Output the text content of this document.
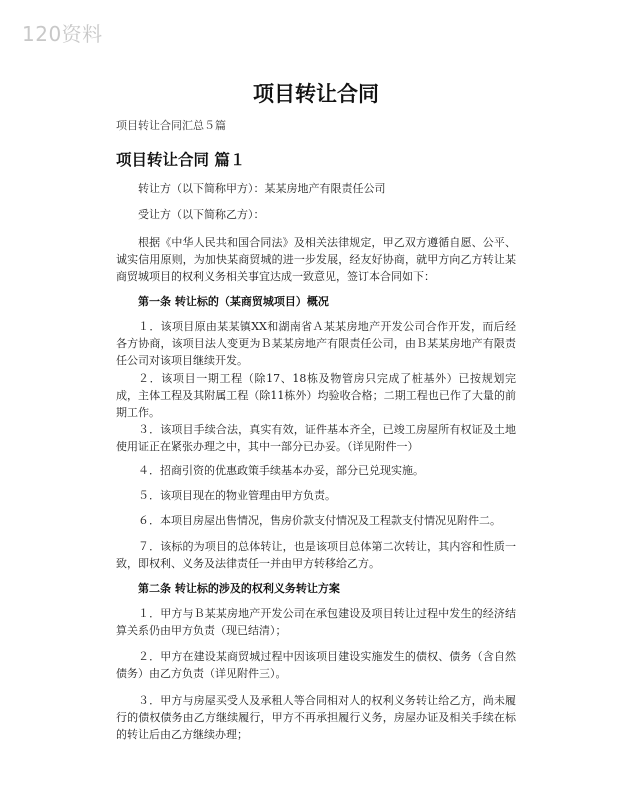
120资料
项目转让合同
项目转让合同汇总５篇
项目转让合同 篇１

转让方（以下简称甲方）：某某房地产有限责任公司

受让方（以下简称乙方）：

根据《中华人民共和国合同法》及相关法律规定，甲乙双方遵循自愿、公平、诚实信用原则，为加快某商贸城的进一步发展，经友好协商，就甲方向乙方转让某商贸城项目的权利义务相关事宜达成一致意见，签订本合同如下：

第一条 转让标的（某商贸城项目）概况

１．该项目原由某某镇XX和湖南省Ａ某某房地产开发公司合作开发，而后经各方协商，该项目法人变更为Ｂ某某房地产有限责任公司，由Ｂ某某房地产有限责任公司对该项目继续开发。

２．该项目一期工程（除17、18栋及物管房只完成了桩基外）已按规划完成，主体工程及其附属工程（除11栋外）均验收合格；二期工程也已作了大量的前期工作。

３．该项目手续合法，真实有效，证件基本齐全，已竣工房屋所有权证及土地使用证正在紧张办理之中，其中一部分已办妥。（详见附件一）

４．招商引资的优惠政策手续基本办妥，部分已兑现实施。

５．该项目现在的物业管理由甲方负责。

６．本项目房屋出售情况，售房价款支付情况及工程款支付情况见附件二。

７．该标的为项目的总体转让，也是该项目总体第二次转让，其内容和性质一致，即权利、义务及法律责任一并由甲方转移给乙方。

第二条 转让标的涉及的权利义务转让方案

１．甲方与Ｂ某某房地产开发公司在承包建设及项目转让过程中发生的经济结算关系仍由甲方负责（现已结清）；

２．甲方在建设某商贸城过程中因该项目建设实施发生的债权、债务（含自然债务）由乙方负责（详见附件三）。

３．甲方与房屋买受人及承租人等合同相对人的权利义务转让给乙方，尚未履行的债权债务由乙方继续履行，甲方不再承担履行义务，房屋办证及相关手续在标的转让后由乙方继续办理；
